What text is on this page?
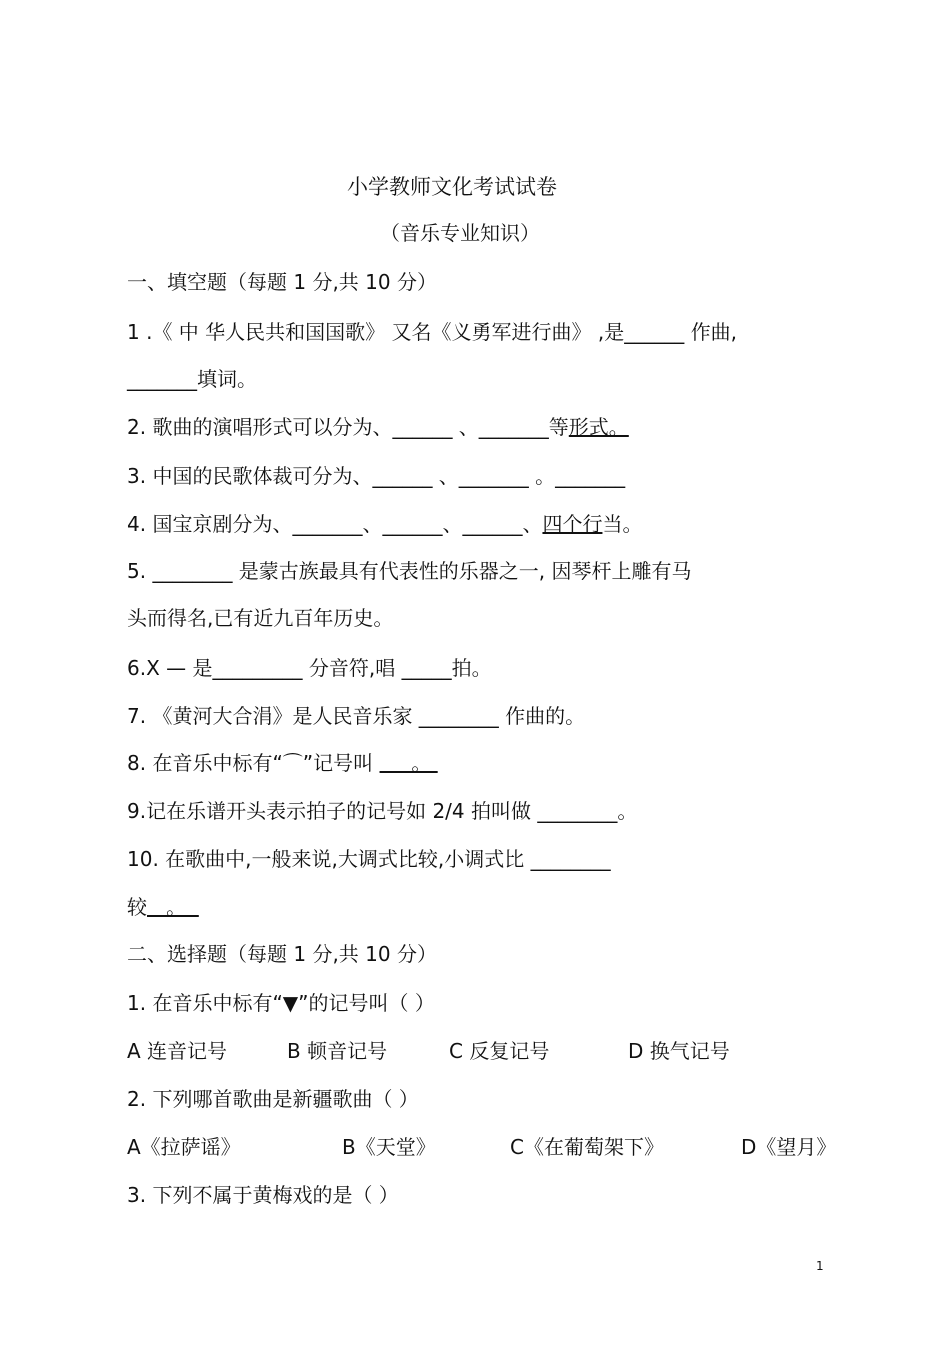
小学教师文化考试试卷
（音乐专业知识）
一、填空题（每题 1 分,共 10 分）
1 .《 中 华人民共和国国歌》 又名《义勇军进行曲》 ,是______ 作曲,
_______填词。
2. 歌曲的演唱形式可以分为、______ 、_______等形式。
3. 中国的民歌体裁可分为、______ 、_______ 。_______
4. 国宝京剧分为、_______、______、______、四个行当。
5. ________ 是蒙古族最具有代表性的乐器之一, 因琴杆上雕有马
头而得名,已有近九百年历史。
6.X — 是_________ 分音符,唱 _____拍。
7. 《黄河大合涓》是人民音乐家 ________ 作曲的。
8. 在音乐中标有“⌒”记号叫      。
9.记在乐谱开头表示拍子的记号如 2/4 拍叫做 ________。
10. 在歌曲中,一般来说,大调式比较,小调式比 ________
较   。
二、选择题（每题 1 分,共 10 分）
1. 在音乐中标有“▼”的记号叫（ ）
A 连音记号	B 顿音记号	C 反复记号	D 换气记号
2. 下列哪首歌曲是新疆歌曲（ ）
A《拉萨谣》	B《天堂》	C《在葡萄架下》	D《望月》
3. 下列不属于黄梅戏的是（ ）
1
